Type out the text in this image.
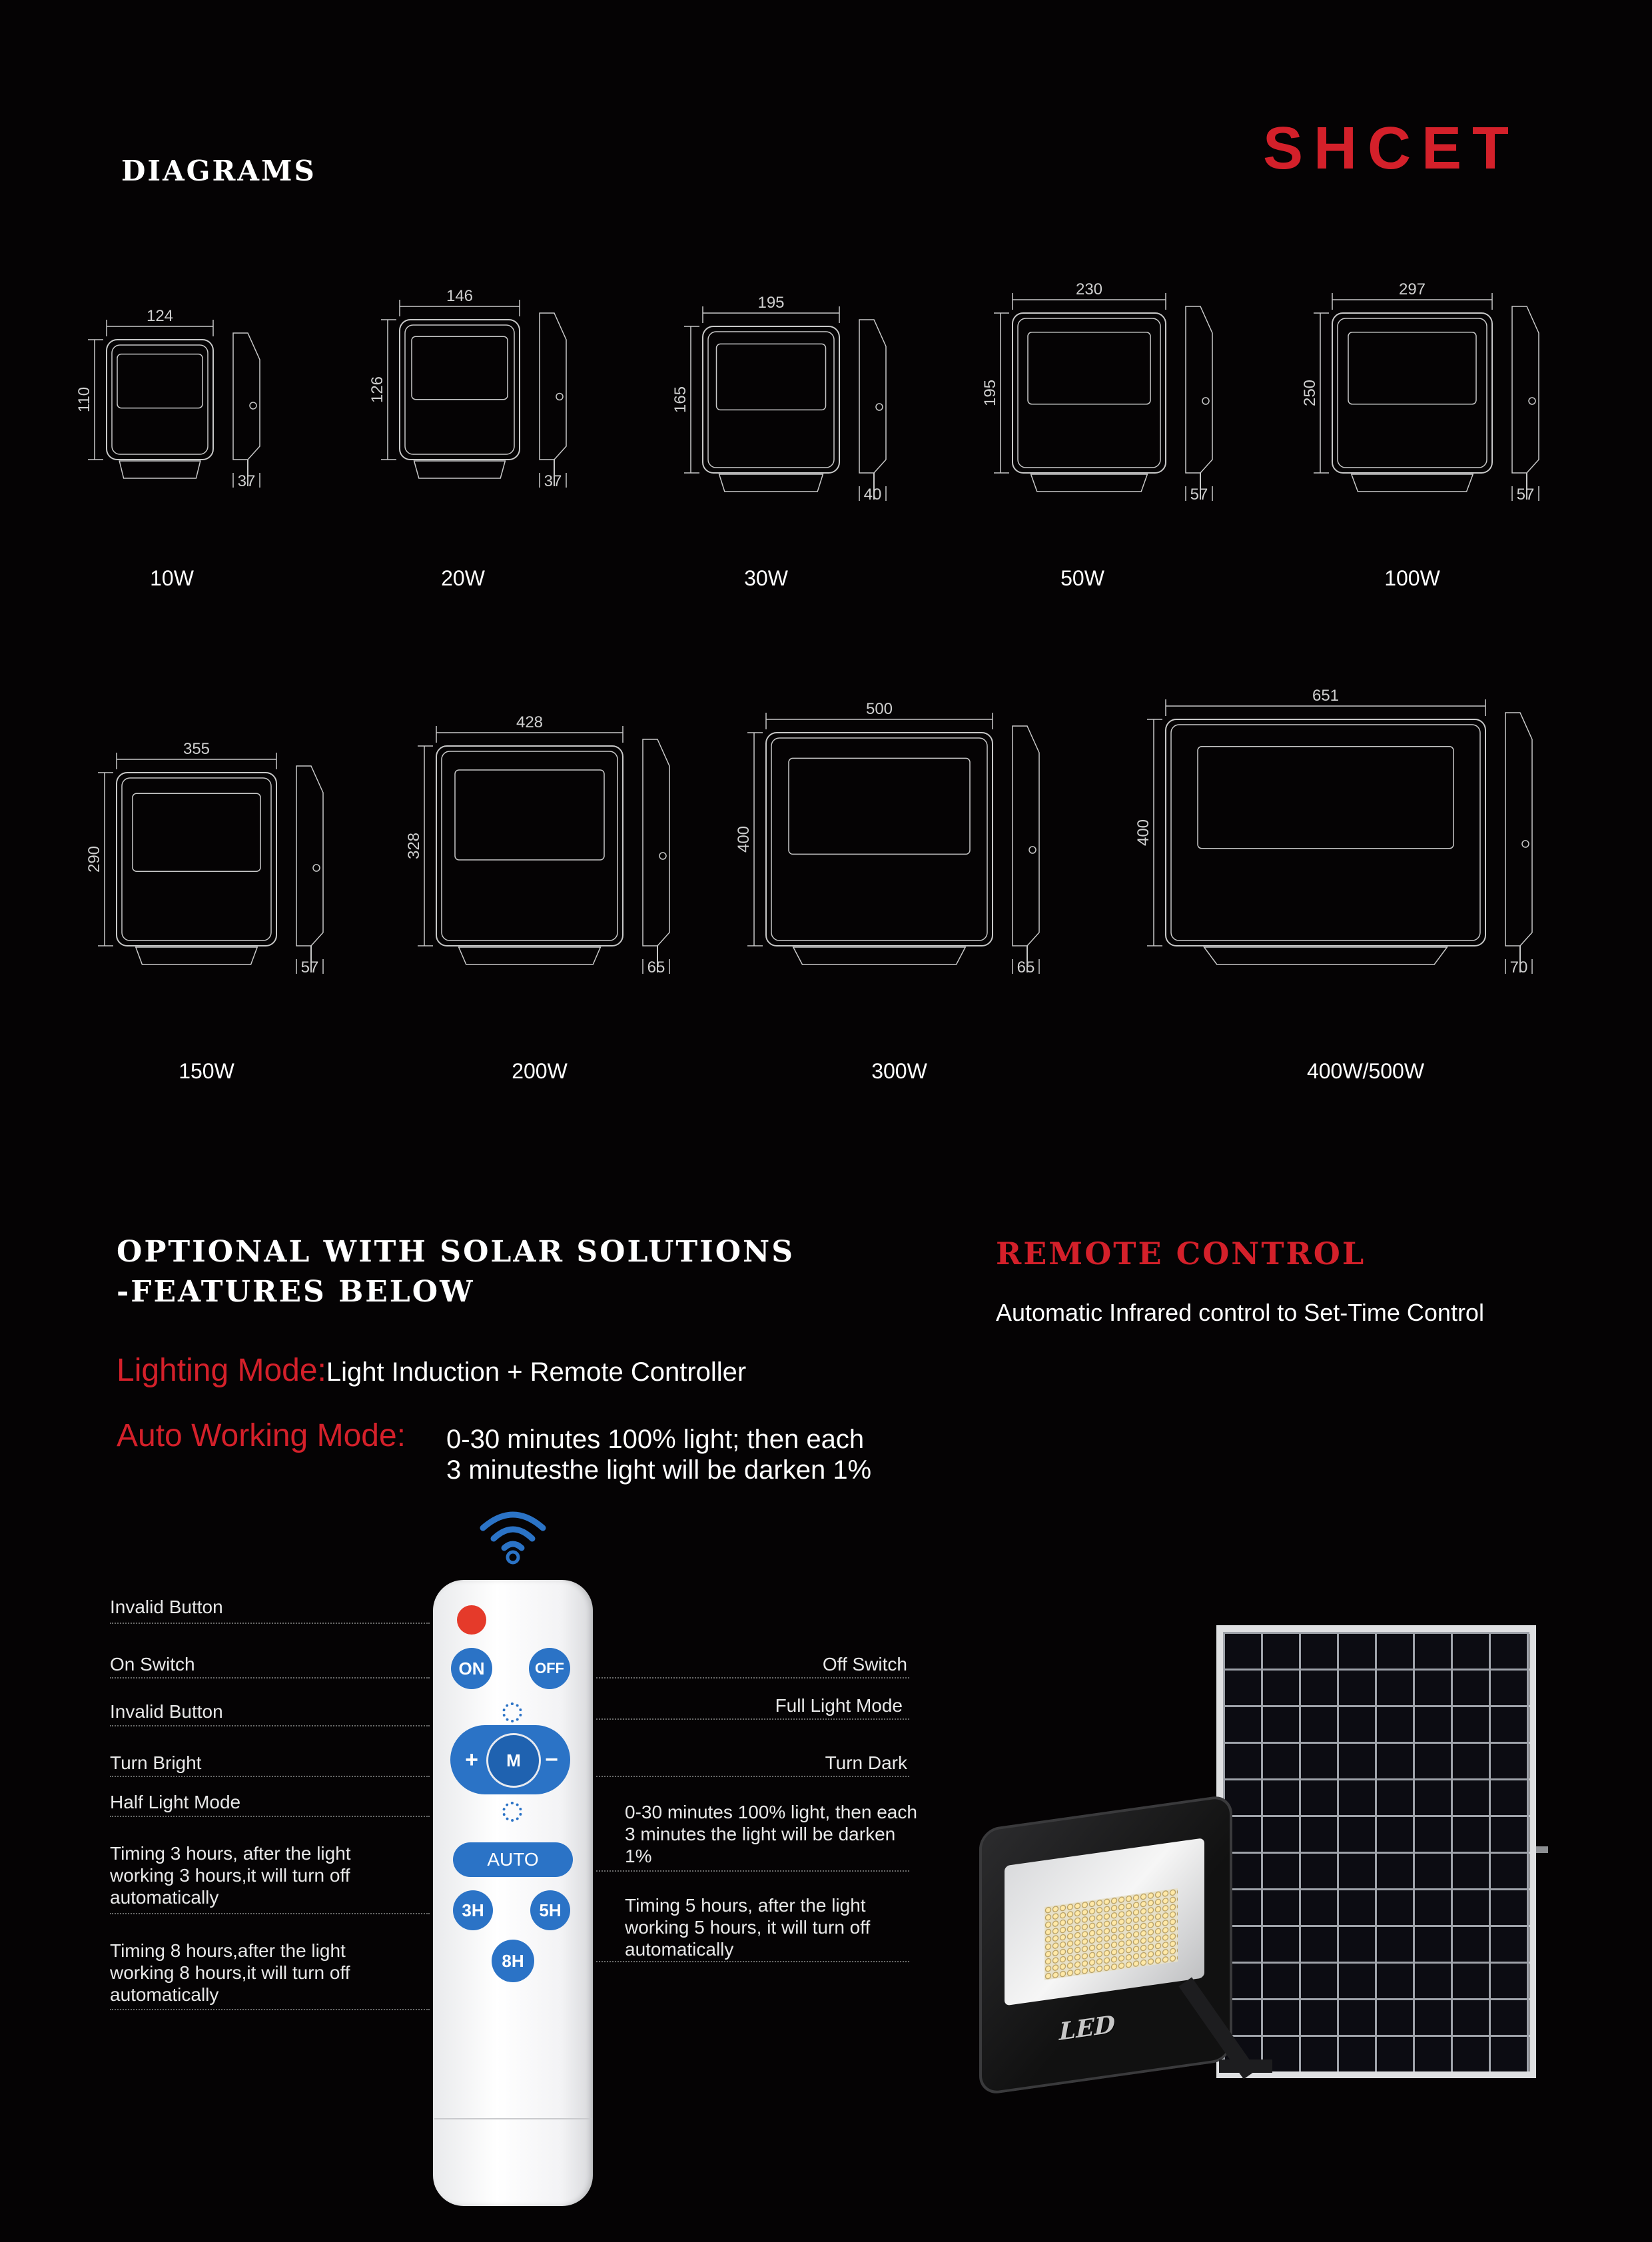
DIAGRAMS	SHCET
124
110
37
10W
146
126
37
20W
195
165
40
30W
230
195
57
50W
297
250
57
100W
355
290
57
150W
428
328
65
200W
500
400
65
300W
651
400
70
400W/500W
OPTIONAL WITH SOLAR SOLUTIONS
-FEATURES BELOW
Lighting Mode:Light Induction + Remote Controller
Auto Working Mode: 0-30 minutes 100% light; then each
3 minutesthe light will be darken 1%
REMOTE CONTROL
Automatic Infrared control to Set-Time Control
ON	OFF
+	M	−
AUTO
3H	5H
8H
Invalid Button
On Switch
Invalid Button
Turn Bright
Half Light Mode
Timing 3 hours, after the light working 3 hours,it will turn off automatically
Timing 8 hours,after the light working 8 hours,it will turn off automatically
Off Switch
Full Light Mode
Turn Dark
0-30 minutes 100% light, then each 3 minutes the light will be darken 1%
Timing 5 hours, after the light working 5 hours, it will turn off automatically
LED
